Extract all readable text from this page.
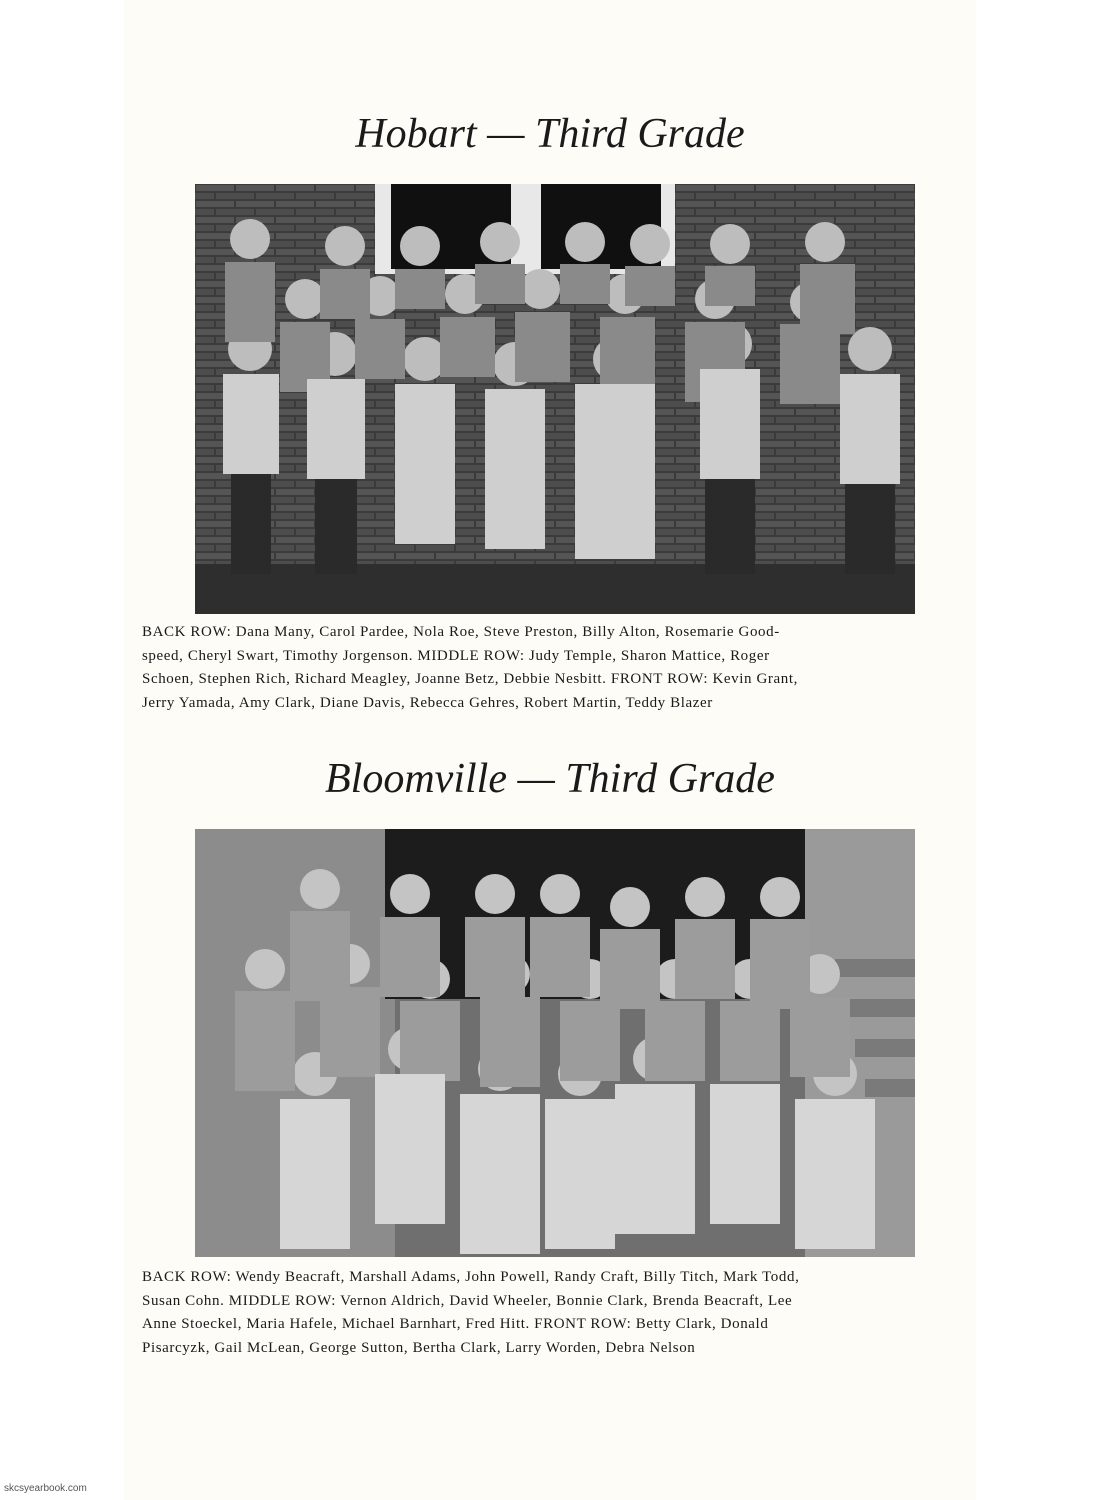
Hobart — Third Grade

BACK ROW: Dana Many, Carol Pardee, Nola Roe, Steve Preston, Billy Alton, Rosemarie Good-
speed, Cheryl Swart, Timothy Jorgenson. MIDDLE ROW: Judy Temple, Sharon Mattice, Roger
Schoen, Stephen Rich, Richard Meagley, Joanne Betz, Debbie Nesbitt. FRONT ROW: Kevin Grant,
Jerry Yamada, Amy Clark, Diane Davis, Rebecca Gehres, Robert Martin, Teddy Blazer

Bloomville — Third Grade

BACK ROW: Wendy Beacraft, Marshall Adams, John Powell, Randy Craft, Billy Titch, Mark Todd,
Susan Cohn. MIDDLE ROW: Vernon Aldrich, David Wheeler, Bonnie Clark, Brenda Beacraft, Lee
Anne Stoeckel, Maria Hafele, Michael Barnhart, Fred Hitt. FRONT ROW: Betty Clark, Donald
Pisarcyzk, Gail McLean, George Sutton, Bertha Clark, Larry Worden, Debra Nelson

skcsyearbook.com
